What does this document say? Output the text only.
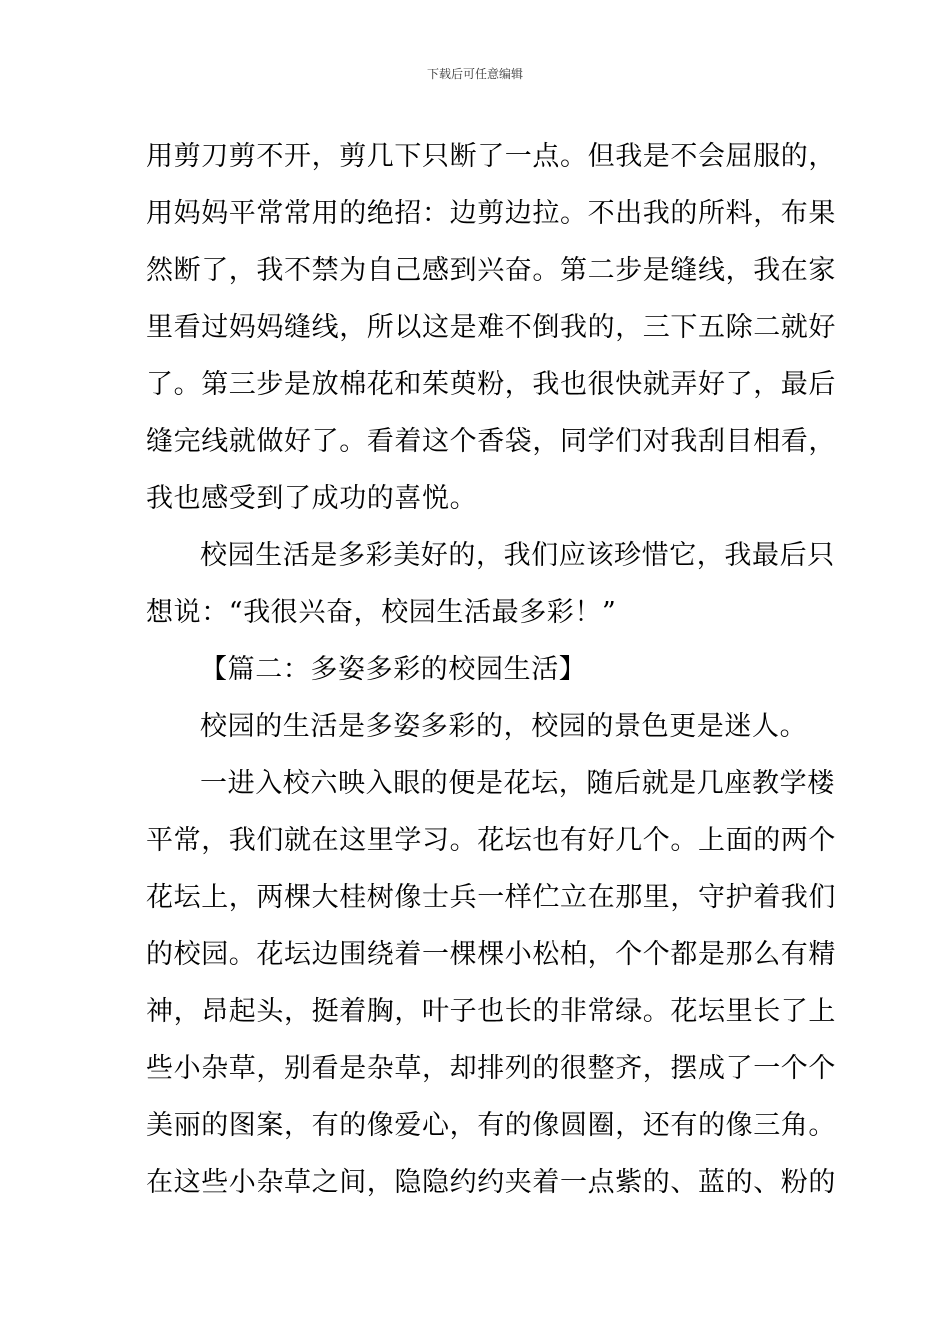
下载后可任意编辑

用剪刀剪不开，剪几下只断了一点。但我是不会屈服的，
用妈妈平常常用的绝招：边剪边拉。不出我的所料，布果
然断了，我不禁为自己感到兴奋。第二步是缝线，我在家
里看过妈妈缝线，所以这是难不倒我的，三下五除二就好
了。第三步是放棉花和茱萸粉，我也很快就弄好了，最后
缝完线就做好了。看着这个香袋，同学们对我刮目相看，
我也感受到了成功的喜悦。

校园生活是多彩美好的，我们应该珍惜它，我最后只
想说：“我很兴奋，校园生活最多彩！”

【篇二：多姿多彩的校园生活】

校园的生活是多姿多彩的，校园的景色更是迷人。

一进入校六映入眼的便是花坛，随后就是几座教学楼
平常，我们就在这里学习。花坛也有好几个。上面的两个
花坛上，两棵大桂树像士兵一样伫立在那里，守护着我们
的校园。花坛边围绕着一棵棵小松柏，个个都是那么有精
神，昂起头，挺着胸，叶子也长的非常绿。花坛里长了上
些小杂草，别看是杂草，却排列的很整齐，摆成了一个个
美丽的图案，有的像爱心，有的像圆圈，还有的像三角。
在这些小杂草之间，隐隐约约夹着一点紫的、蓝的、粉的
